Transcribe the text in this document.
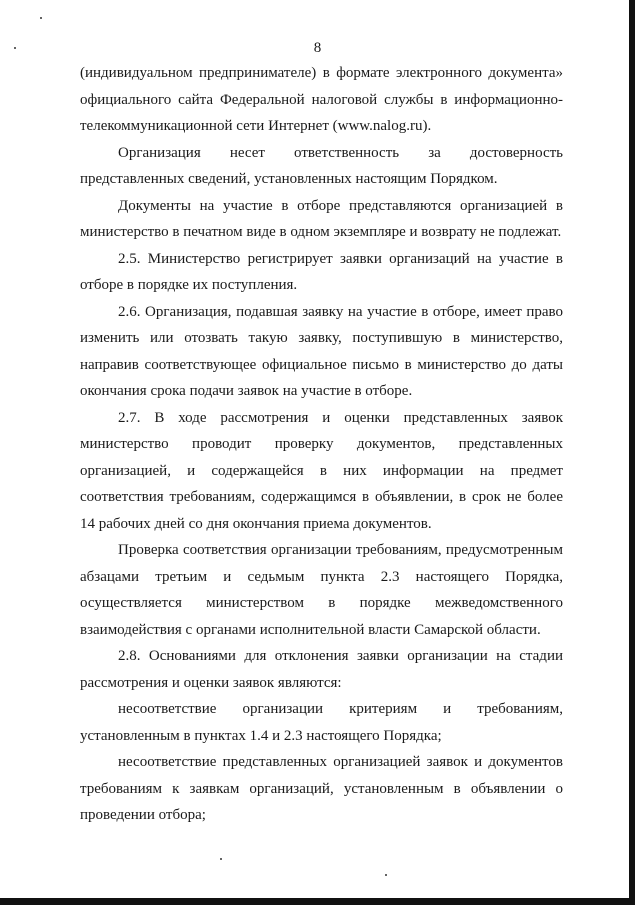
8

(индивидуальном предпринимателе) в формате электронного документа» официального сайта Федеральной налоговой службы в информационно-телекоммуникационной сети Интернет (www.nalog.ru).

Организация несет ответственность за достоверность представленных сведений, установленных настоящим Порядком.

Документы на участие в отборе представляются организацией в министерство в печатном виде в одном экземпляре и возврату не подлежат.

2.5. Министерство регистрирует заявки организаций на участие в отборе в порядке их поступления.

2.6. Организация, подавшая заявку на участие в отборе, имеет право изменить или отозвать такую заявку, поступившую в министерство, направив соответствующее официальное письмо в министерство до даты окончания срока подачи заявок на участие в отборе.

2.7. В ходе рассмотрения и оценки представленных заявок министерство проводит проверку документов, представленных организацией, и содержащейся в них информации на предмет соответствия требованиям, содержащимся в объявлении, в срок не более 14 рабочих дней со дня окончания приема документов.

Проверка соответствия организации требованиям, предусмотренным абзацами третьим и седьмым пункта 2.3 настоящего Порядка, осуществляется министерством в порядке межведомственного взаимодействия с органами исполнительной власти Самарской области.

2.8. Основаниями для отклонения заявки организации на стадии рассмотрения и оценки заявок являются:

несоответствие организации критериям и требованиям, установленным в пунктах 1.4 и 2.3 настоящего Порядка;

несоответствие представленных организацией заявок и документов требованиям к заявкам организаций, установленным в объявлении о проведении отбора;
